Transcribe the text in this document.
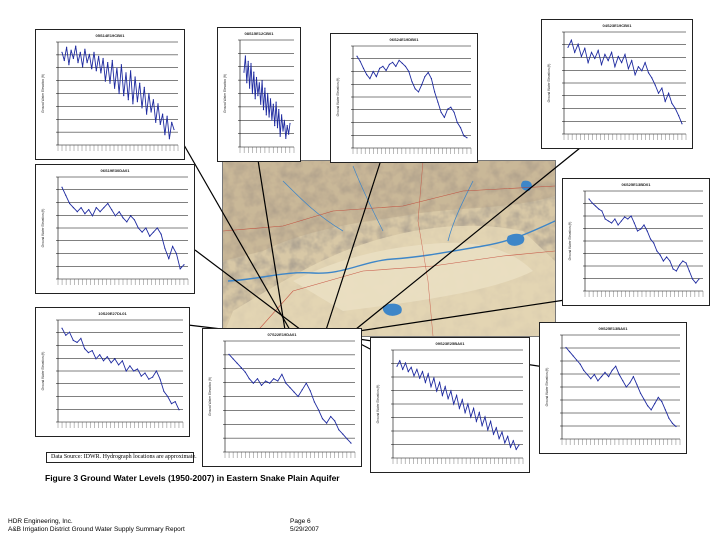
05S14E19CB01
Ground Water Elevation (ft)
08S15E12CB01
Ground Water Elevation (ft)
06S24E19DB01
Ground Water Elevation (ft)
04S23E19CB01
Ground Water Elevation (ft)
06S19E30DA01
Ground Water Elevation (ft)
06S25E13BD01
Ground Water Elevation (ft)
10S20E27DL01
Ground Water Elevation (ft)
07S22E19DA01
Ground Water Elevation (ft)
09S23E25BA01
Ground Water Elevation (ft)
09S25E13BA01
Ground Water Elevation (ft)
Data Source: IDWR. Hydrograph locations are approximate.
Figure 3 Ground Water Levels (1950-2007) in Eastern Snake Plain Aquifer
HDR Engineering, Inc.
A&B Irrigation District Ground Water Supply Summary Report
Page 6
5/29/2007
